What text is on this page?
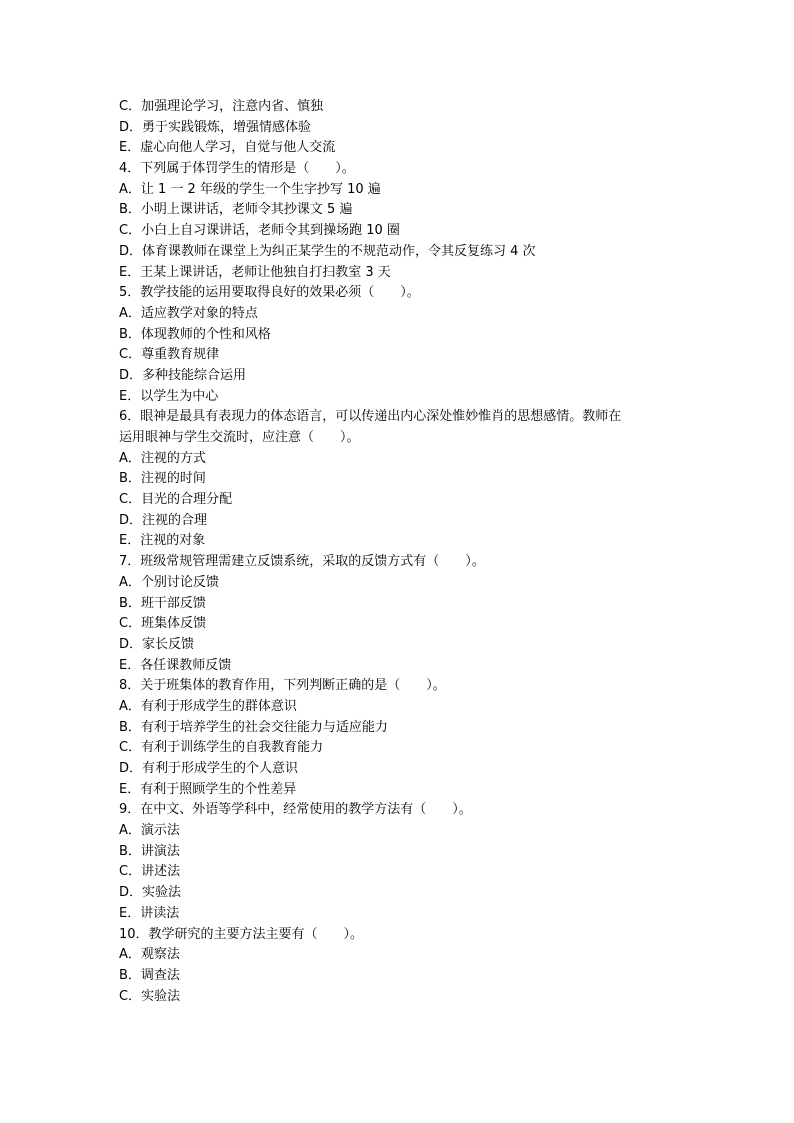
C．加强理论学习，注意内省、慎独
D．勇于实践锻炼，增强情感体验
E．虚心向他人学习，自觉与他人交流
4．下列属于体罚学生的情形是（　　）。
A．让 1 一 2 年级的学生一个生字抄写 10 遍
B．小明上课讲话，老师令其抄课文 5 遍
C．小白上自习课讲话，老师令其到操场跑 10 圈
D．体育课教师在课堂上为纠正某学生的不规范动作，令其反复练习 4 次
E．王某上课讲话，老师让他独自打扫教室 3 天
5．教学技能的运用要取得良好的效果必须（　　）。
A．适应教学对象的特点
B．体现教师的个性和风格
C．尊重教育规律
D．多种技能综合运用
E．以学生为中心
6．眼神是最具有表现力的体态语言，可以传递出内心深处惟妙惟肖的思想感情。教师在
运用眼神与学生交流时，应注意（　　）。
A．注视的方式
B．注视的时间
C．目光的合理分配
D．注视的合理
E．注视的对象
7．班级常规管理需建立反馈系统，采取的反馈方式有（　　）。
A．个别讨论反馈
B．班干部反馈
C．班集体反馈
D．家长反馈
E．各任课教师反馈
8．关于班集体的教育作用，下列判断正确的是（　　）。
A．有利于形成学生的群体意识
B．有利于培养学生的社会交往能力与适应能力
C．有利于训练学生的自我教育能力
D．有利于形成学生的个人意识
E．有利于照顾学生的个性差异
9．在中文、外语等学科中，经常使用的教学方法有（　　）。
A．演示法
B．讲演法
C．讲述法
D．实验法
E．讲读法
10．教学研究的主要方法主要有（　　）。
A．观察法
B．调查法
C．实验法
